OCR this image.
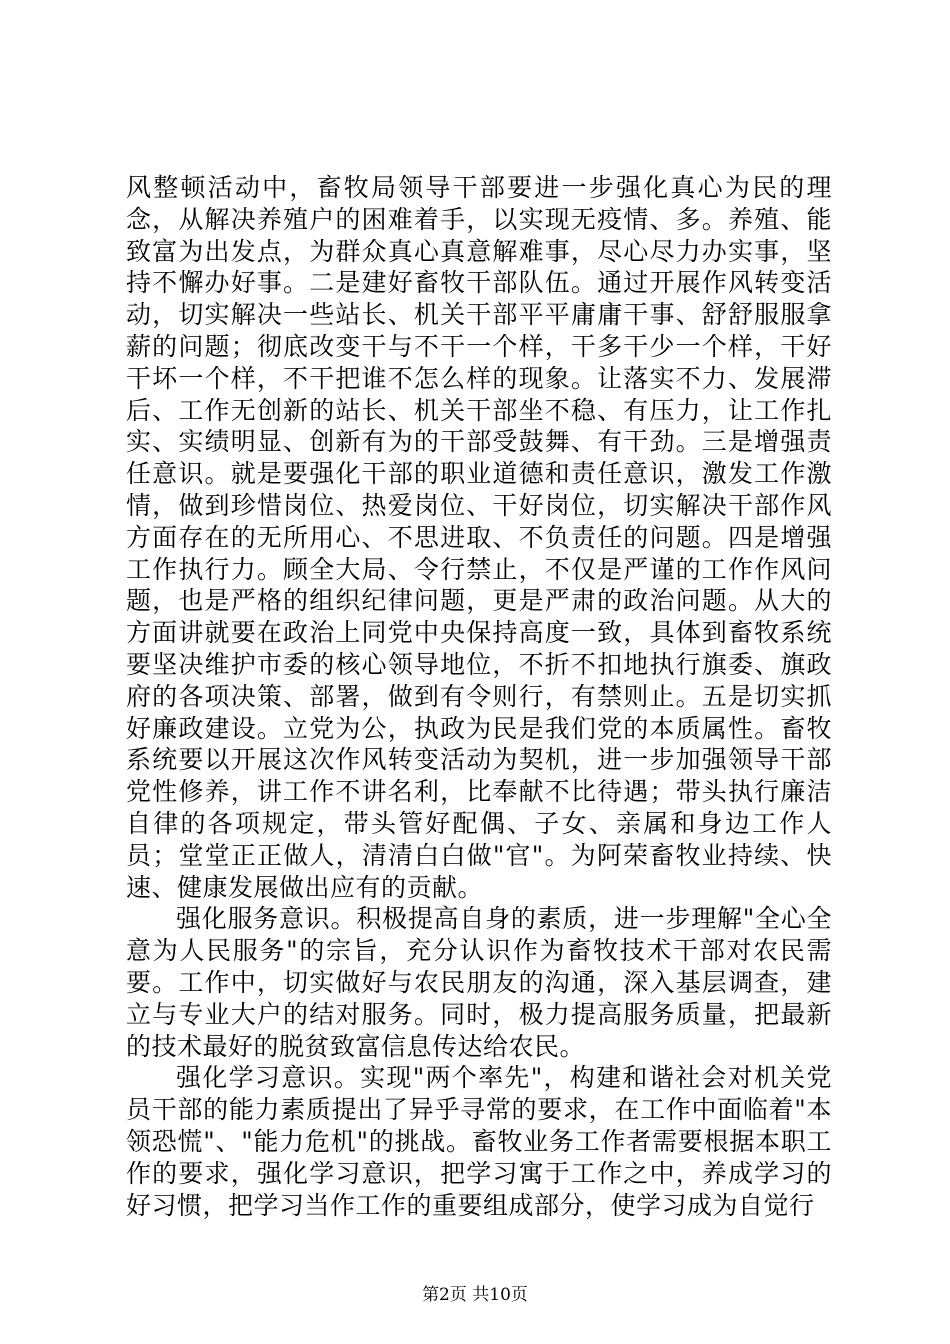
风整顿活动中，畜牧局领导干部要进一步强化真心为民的理念，从解决养殖户的困难着手，以实现无疫情、多。养殖、能致富为出发点，为群众真心真意解难事，尽心尽力办实事，坚持不懈办好事。二是建好畜牧干部队伍。通过开展作风转变活动，切实解决一些站长、机关干部平平庸庸干事、舒舒服服拿薪的问题；彻底改变干与不干一个样，干多干少一个样，干好干坏一个样，不干把谁不怎么样的现象。让落实不力、发展滞后、工作无创新的站长、机关干部坐不稳、有压力，让工作扎实、实绩明显、创新有为的干部受鼓舞、有干劲。三是增强责任意识。就是要强化干部的职业道德和责任意识，激发工作激情，做到珍惜岗位、热爱岗位、干好岗位，切实解决干部作风方面存在的无所用心、不思进取、不负责任的问题。四是增强工作执行力。顾全大局、令行禁止，不仅是严谨的工作作风问题，也是严格的组织纪律问题，更是严肃的政治问题。从大的方面讲就要在政治上同党中央保持高度一致，具体到畜牧系统要坚决维护市委的核心领导地位，不折不扣地执行旗委、旗政府的各项决策、部署，做到有令则行，有禁则止。五是切实抓好廉政建设。立党为公，执政为民是我们党的本质属性。畜牧系统要以开展这次作风转变活动为契机，进一步加强领导干部党性修养，讲工作不讲名利，比奉献不比待遇；带头执行廉洁自律的各项规定，带头管好配偶、子女、亲属和身边工作人员；堂堂正正做人，清清白白做"官"。为阿荣畜牧业持续、快速、健康发展做出应有的贡献。

强化服务意识。积极提高自身的素质，进一步理解"全心全意为人民服务"的宗旨，充分认识作为畜牧技术干部对农民需要。工作中，切实做好与农民朋友的沟通，深入基层调查，建立与专业大户的结对服务。同时，极力提高服务质量，把最新的技术最好的脱贫致富信息传达给农民。

强化学习意识。实现"两个率先"，构建和谐社会对机关党员干部的能力素质提出了异乎寻常的要求，在工作中面临着"本领恐慌"、"能力危机"的挑战。畜牧业务工作者需要根据本职工作的要求，强化学习意识，把学习寓于工作之中，养成学习的好习惯，把学习当作工作的重要组成部分，使学习成为自觉行

第2页 共10页
